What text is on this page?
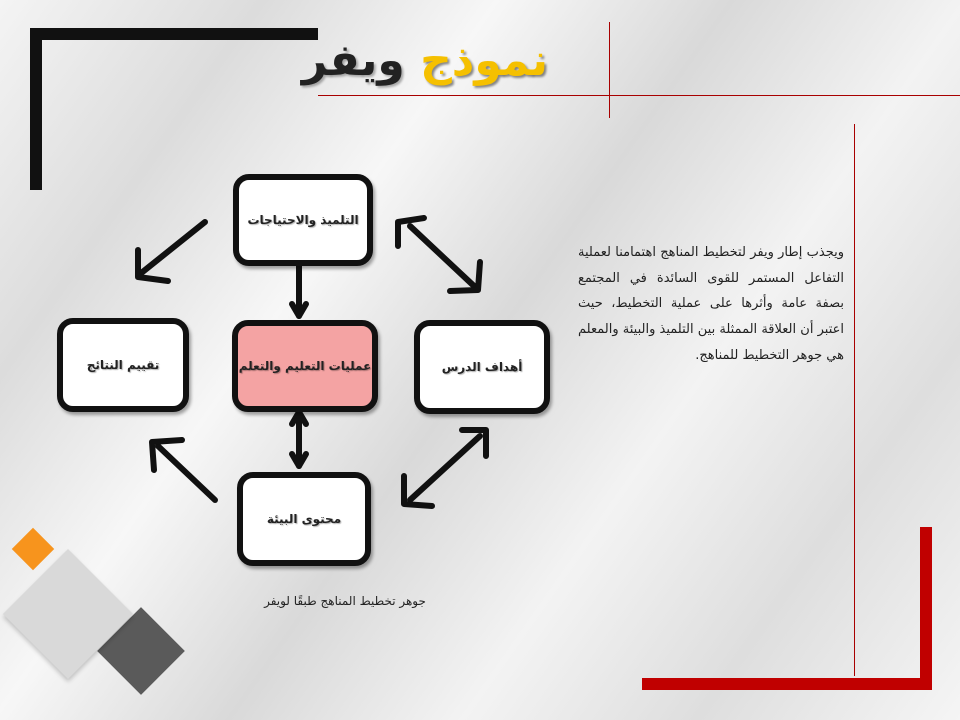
نموذج ويفر
التلميذ والاحتياجات
عمليات التعليم والتعلم
تقييم النتائج	أهداف الدرس
محتوى البيئة
جوهر تخطيط المناهج طبقًا لويفر
ويجذب إطار ويفر لتخطيط المناهج اهتمامنا لعملية التفاعل المستمر للقوى السائدة في المجتمع بصفة عامة وأثرها على عملية التخطيط، حيث اعتبر أن العلاقة الممثلة بين التلميذ والبيئة والمعلم هي جوهر التخطيط للمناهج.
